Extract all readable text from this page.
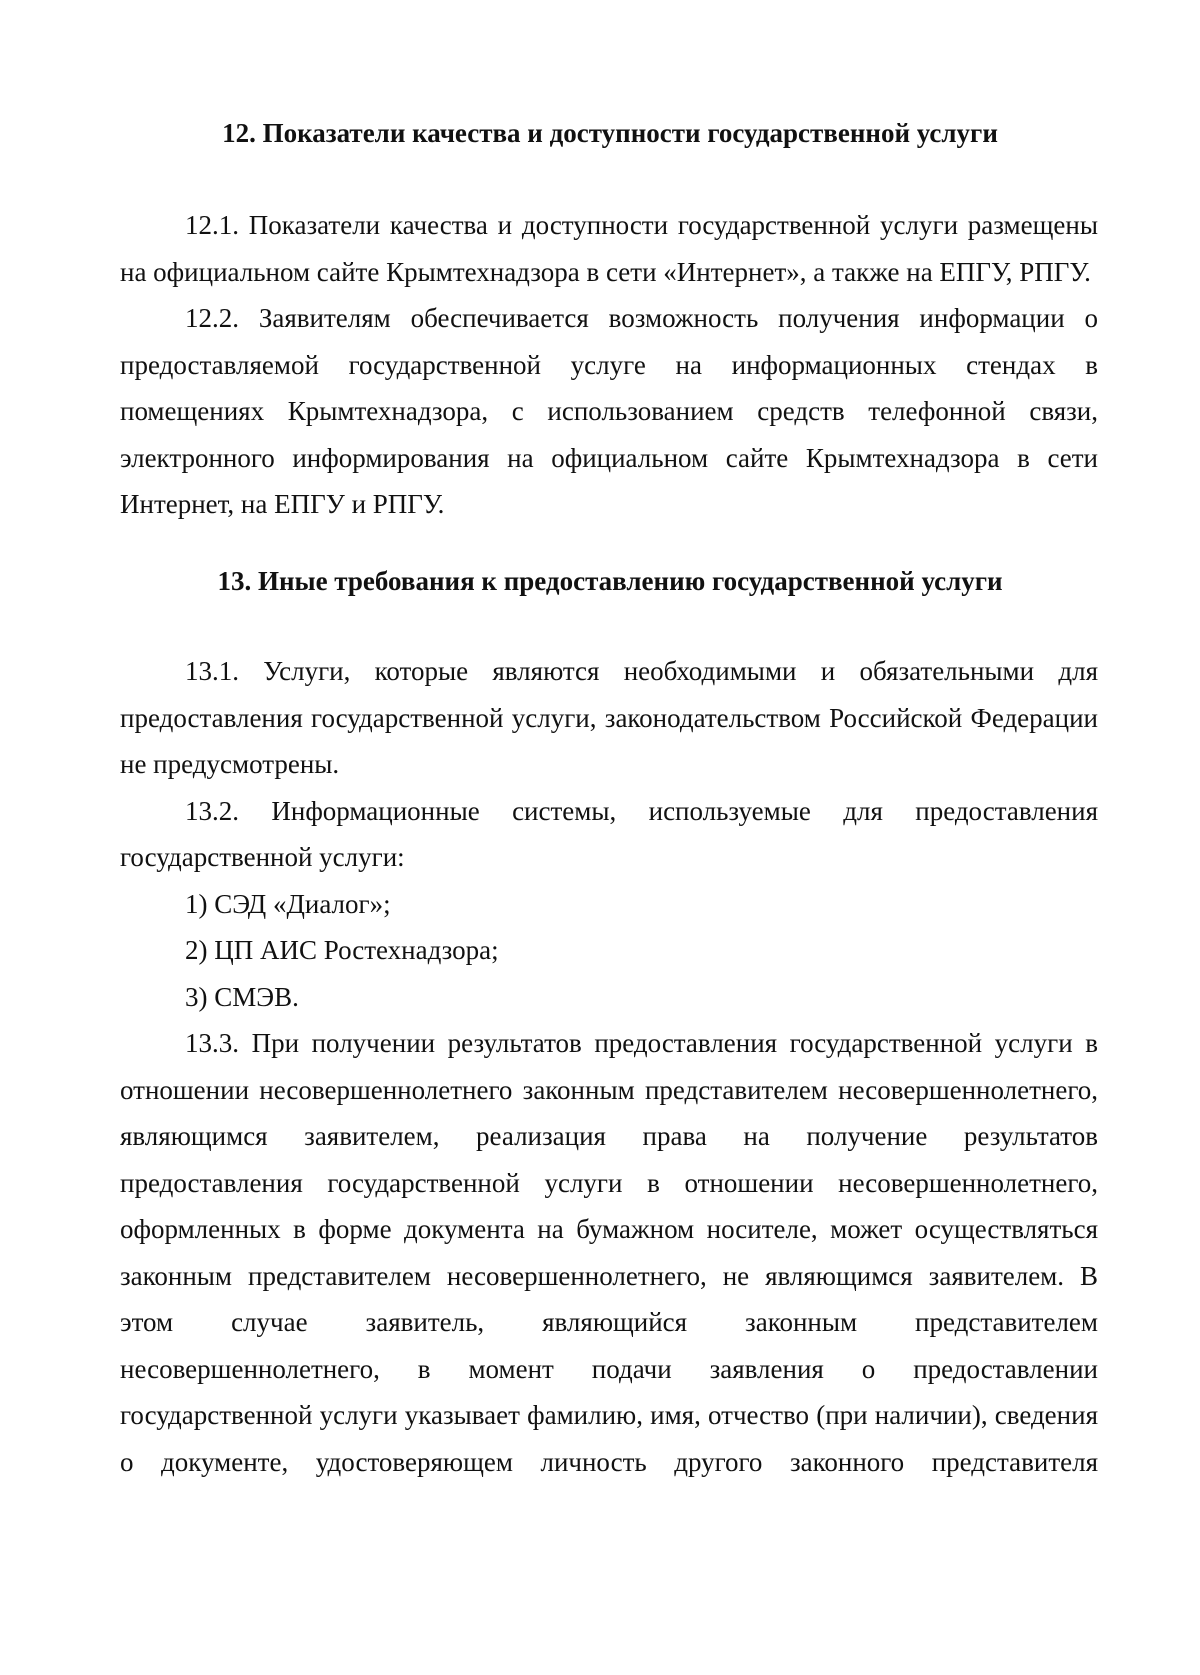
12. Показатели качества и доступности государственной услуги

12.1. Показатели качества и доступности государственной услуги размещены на официальном сайте Крымтехнадзора в сети «Интернет», а также на ЕПГУ, РПГУ.

12.2. Заявителям обеспечивается возможность получения информации о предоставляемой государственной услуге на информационных стендах в помещениях Крымтехнадзора, с использованием средств телефонной связи, электронного информирования на официальном сайте Крымтехнадзора в сети Интернет, на ЕПГУ и РПГУ.

13. Иные требования к предоставлению государственной услуги

13.1. Услуги, которые являются необходимыми и обязательными для предоставления государственной услуги, законодательством Российской Федерации не предусмотрены.

13.2. Информационные системы, используемые для предоставления государственной услуги:

1) СЭД «Диалог»;

2) ЦП АИС Ростехнадзора;

3) СМЭВ.

13.3. При получении результатов предоставления государственной услуги в отношении несовершеннолетнего законным представителем несовершеннолетнего, являющимся заявителем, реализация права на получение результатов предоставления государственной услуги в отношении несовершеннолетнего, оформленных в форме документа на бумажном носителе, может осуществляться законным представителем несовершеннолетнего, не являющимся заявителем. В этом случае заявитель, являющийся законным представителем несовершеннолетнего, в момент подачи заявления о предоставлении государственной услуги указывает фамилию, имя, отчество (при наличии), сведения о документе, удостоверяющем личность другого законного представителя
